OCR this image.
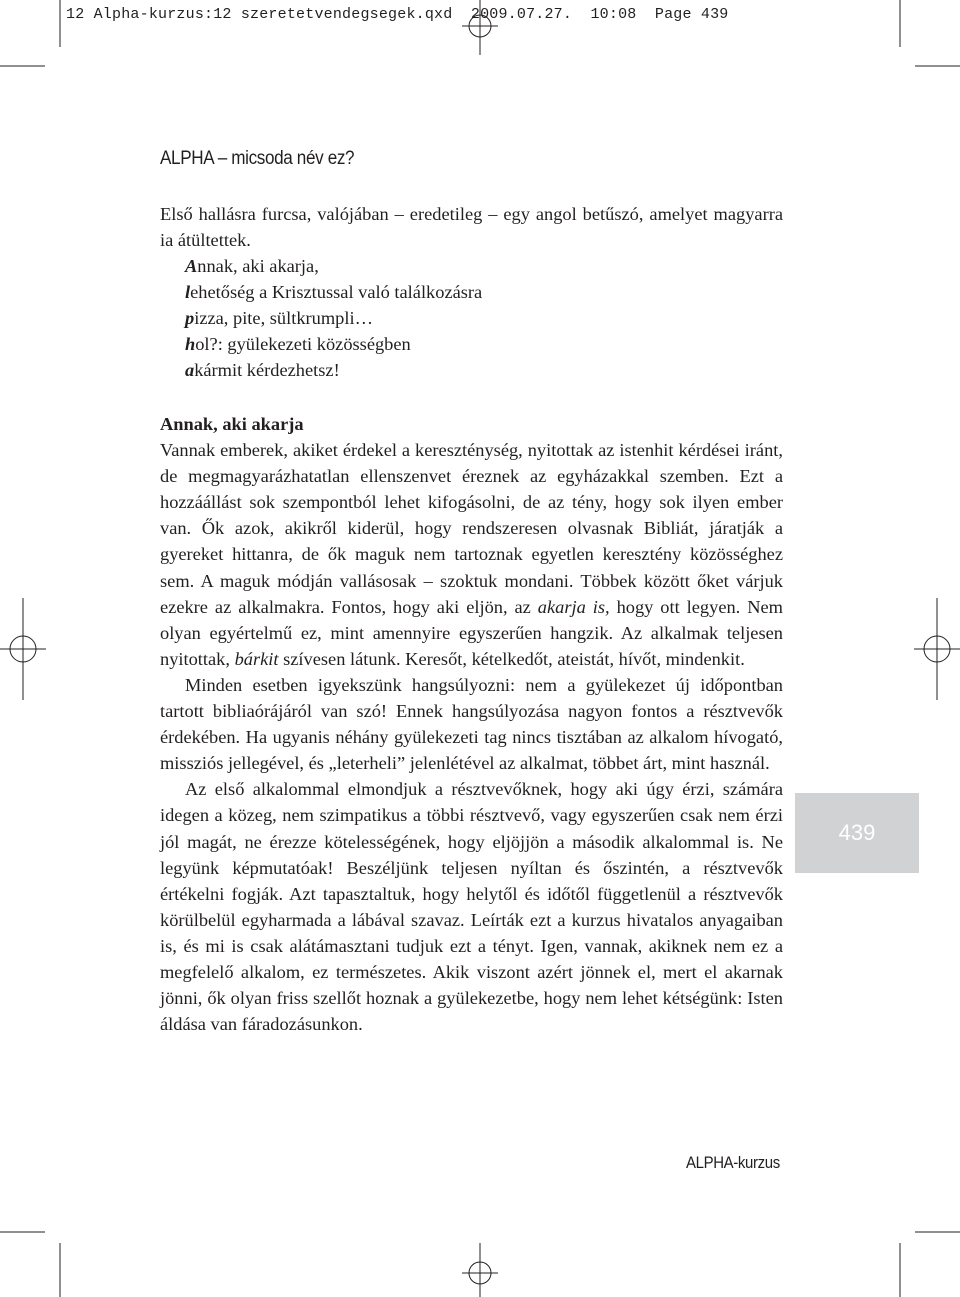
12 Alpha-kurzus:12 szeretetvendegsegek.qxd  2009.07.27.  10:08  Page 439
ALPHA – micsoda név ez?

Első hallásra furcsa, valójában – eredetileg – egy angol betűszó, amelyet magyarra ia átültettek.

Annak, aki akarja,
lehetőség a Krisztussal való találkozásra
pizza, pite, sültkrumpli…
hol?: gyülekezeti közösségben
akármit kérdezhetsz!
Annak, aki akarja

Vannak emberek, akiket érdekel a kereszténység, nyitottak az istenhit kérdései iránt, de megmagyarázhatatlan ellenszenvet éreznek az egyházakkal szemben. Ezt a hozzáállást sok szempontból lehet kifogásolni, de az tény, hogy sok ilyen ember van. Ők azok, akikről kiderül, hogy rendszeresen olvasnak Bibliát, járatják a gyereket hittanra, de ők maguk nem tartoznak egyetlen keresztény közösséghez sem. A maguk módján vallásosak – szoktuk mondani. Többek között őket várjuk ezekre az alkalmakra. Fontos, hogy aki eljön, az akarja is, hogy ott legyen. Nem olyan egyértelmű ez, mint amennyire egyszerűen hangzik. Az alkalmak teljesen nyitottak, bárkit szívesen látunk. Keresőt, kételkedőt, ateistát, hívőt, mindenkit.

Minden esetben igyekszünk hangsúlyozni: nem a gyülekezet új időpontban tartott bibliaórájáról van szó! Ennek hangsúlyozása nagyon fontos a résztvevők érdekében. Ha ugyanis néhány gyülekezeti tag nincs tisztában az alkalom hívogató, missziós jellegével, és „leterheli” jelenlétével az alkalmat, többet árt, mint használ.

Az első alkalommal elmondjuk a résztvevőknek, hogy aki úgy érzi, számára idegen a közeg, nem szimpatikus a többi résztvevő, vagy egyszerűen csak nem érzi jól magát, ne érezze kötelességének, hogy eljöjjön a második alkalommal is. Ne legyünk képmutatóak! Beszéljünk teljesen nyíltan és őszintén, a résztvevők értékelni fogják. Azt tapasztaltuk, hogy helytől és időtől függetlenül a résztvevők körülbelül egyharmada a lábával szavaz. Leírták ezt a kurzus hivatalos anyagaiban is, és mi is csak alátámasztani tudjuk ezt a tényt. Igen, vannak, akiknek nem ez a megfelelő alkalom, ez természetes. Akik viszont azért jönnek el, mert el akarnak jönni, ők olyan friss szellőt hoznak a gyülekezetbe, hogy nem lehet kétségünk: Isten áldása van fáradozásunkon.

439
ALPHA-kurzus
